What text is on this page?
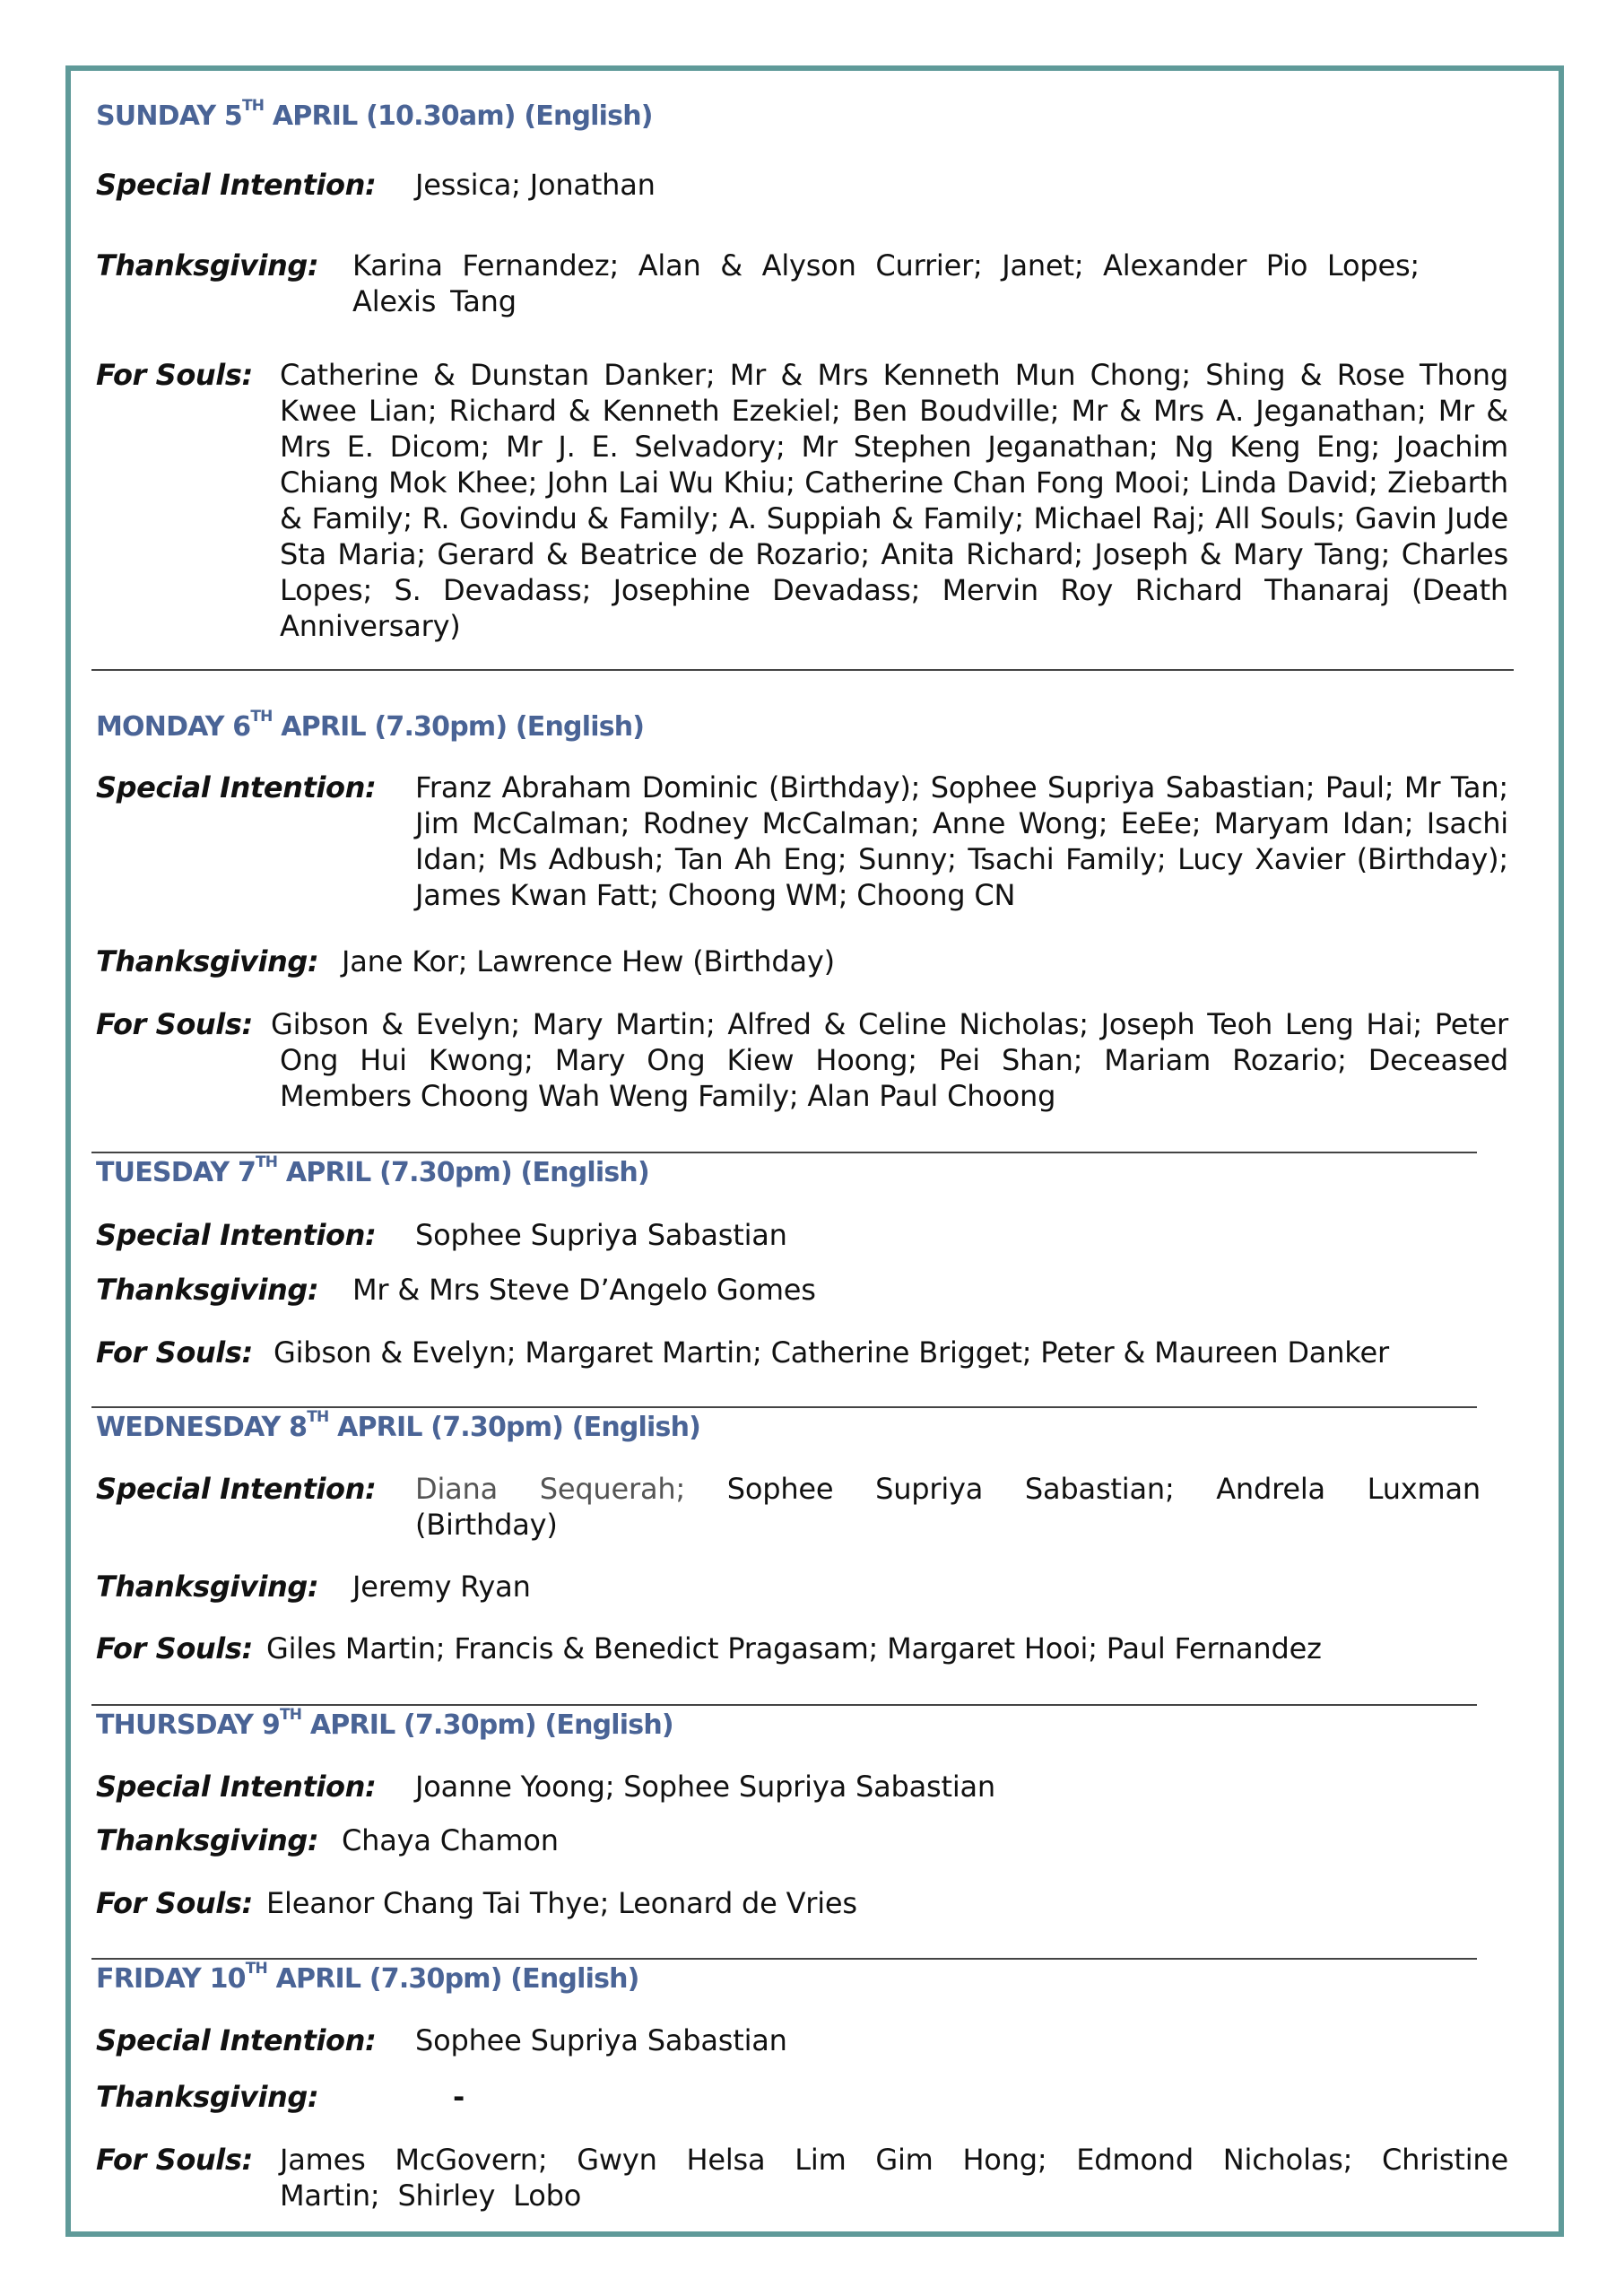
SUNDAY 5TH APRIL (10.30am) (English)
Special Intention: Jessica; Jonathan
Thanksgiving: Karina Fernandez; Alan & Alyson Currier; Janet; Alexander Pio Lopes; Alexis Tang
For Souls: Catherine & Dunstan Danker; Mr & Mrs Kenneth Mun Chong; Shing & Rose Thong Kwee Lian; Richard & Kenneth Ezekiel; Ben Boudville; Mr & Mrs A. Jeganathan; Mr & Mrs E. Dicom; Mr J. E. Selvadory; Mr Stephen Jeganathan; Ng Keng Eng; Joachim Chiang Mok Khee; John Lai Wu Khiu; Catherine Chan Fong Mooi; Linda David; Ziebarth & Family; R. Govindu & Family; A. Suppiah & Family; Michael Raj; All Souls; Gavin Jude Sta Maria; Gerard & Beatrice de Rozario; Anita Richard; Joseph & Mary Tang; Charles Lopes; S. Devadass; Josephine Devadass; Mervin Roy Richard Thanaraj (Death Anniversary)
MONDAY 6TH APRIL (7.30pm) (English)
Special Intention: Franz Abraham Dominic (Birthday); Sophee Supriya Sabastian; Paul; Mr Tan; Jim McCalman; Rodney McCalman; Anne Wong; EeEe; Maryam Idan; Isachi Idan; Ms Adbush; Tan Ah Eng; Sunny; Tsachi Family; Lucy Xavier (Birthday); James Kwan Fatt; Choong WM; Choong CN
Thanksgiving: Jane Kor; Lawrence Hew (Birthday)
For Souls: Gibson & Evelyn; Mary Martin; Alfred & Celine Nicholas; Joseph Teoh Leng Hai; Peter Ong Hui Kwong; Mary Ong Kiew Hoong; Pei Shan; Mariam Rozario; Deceased Members Choong Wah Weng Family; Alan Paul Choong
TUESDAY 7TH APRIL (7.30pm) (English)
Special Intention: Sophee Supriya Sabastian
Thanksgiving: Mr & Mrs Steve D’Angelo Gomes
For Souls: Gibson & Evelyn; Margaret Martin; Catherine Brigget; Peter & Maureen Danker
WEDNESDAY 8TH APRIL (7.30pm) (English)
Special Intention: Diana Sequerah; Sophee Supriya Sabastian; Andrela Luxman (Birthday)
Thanksgiving: Jeremy Ryan
For Souls: Giles Martin; Francis & Benedict Pragasam; Margaret Hooi; Paul Fernandez
THURSDAY 9TH APRIL (7.30pm) (English)
Special Intention: Joanne Yoong; Sophee Supriya Sabastian
Thanksgiving: Chaya Chamon
For Souls: Eleanor Chang Tai Thye; Leonard de Vries
FRIDAY 10TH APRIL (7.30pm) (English)
Special Intention: Sophee Supriya Sabastian
Thanksgiving:	-
For Souls: James McGovern; Gwyn Helsa Lim Gim Hong; Edmond Nicholas; Christine Martin; Shirley Lobo
